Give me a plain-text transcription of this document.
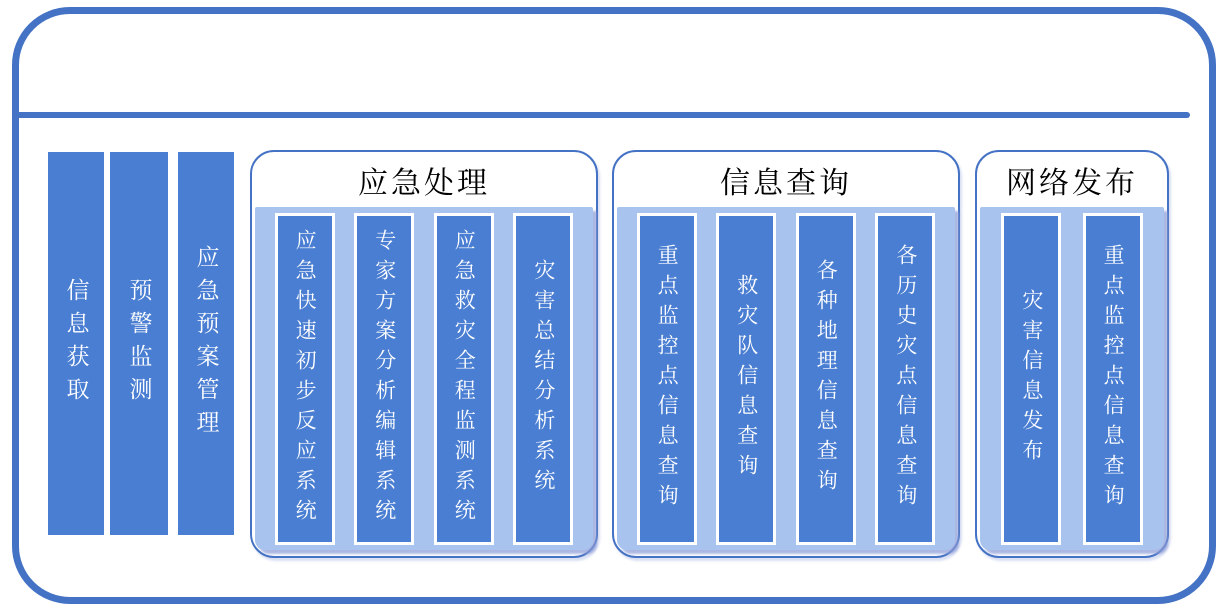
信息获取 预警监测 应急预案管理
应急处理
应急快速初步反应系统	专家方案分析编辑系统	应急救灾全程监测系统	灾害总结分析系统
信息查询
重点监控点信息查询	救灾队信息查询	各种地理信息查询	各历史灾点信息查询
网络发布
灾害信息发布	重点监控点信息查询
